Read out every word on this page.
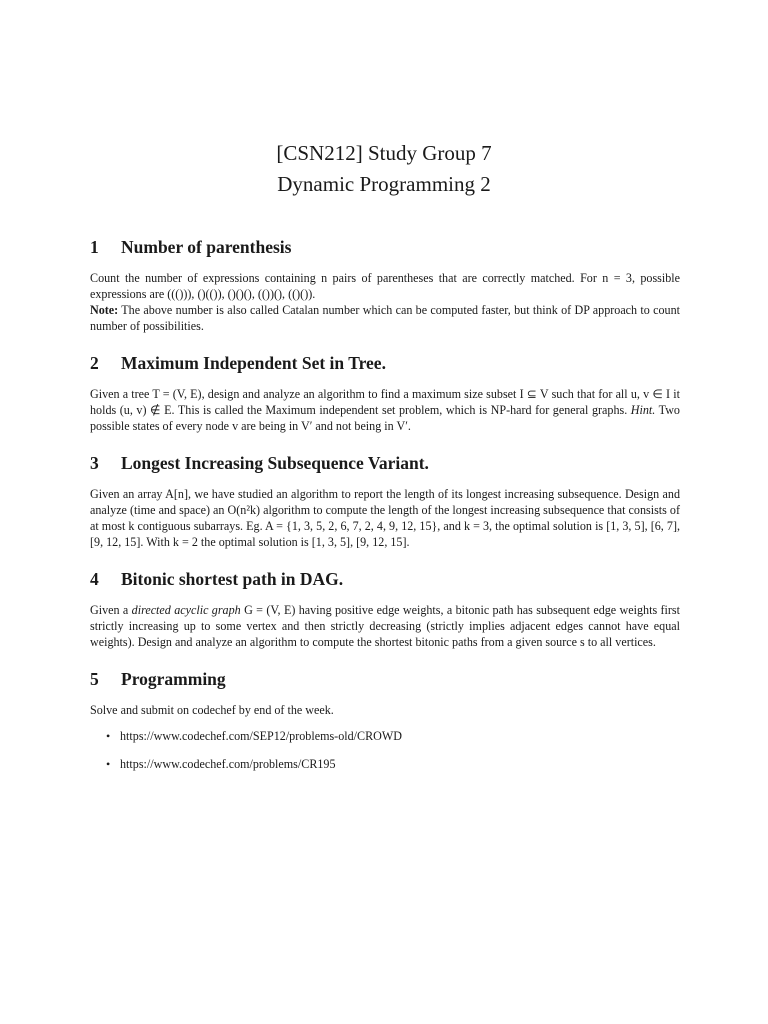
[CSN212] Study Group 7
Dynamic Programming 2
1	Number of parenthesis
Count the number of expressions containing n pairs of parentheses that are correctly matched. For n = 3, possible expressions are ((())), ()(()), ()()(), (())(), (()()).
Note: The above number is also called Catalan number which can be computed faster, but think of DP approach to count number of possibilities.
2	Maximum Independent Set in Tree.
Given a tree T = (V, E), design and analyze an algorithm to find a maximum size subset I ⊆ V such that for all u, v ∈ I it holds (u, v) ∉ E. This is called the Maximum independent set problem, which is NP-hard for general graphs. Hint. Two possible states of every node v are being in V′ and not being in V′.
3	Longest Increasing Subsequence Variant.
Given an array A[n], we have studied an algorithm to report the length of its longest increasing subsequence. Design and analyze (time and space) an O(n²k) algorithm to compute the length of the longest increasing subsequence that consists of at most k contiguous subarrays. Eg. A = {1, 3, 5, 2, 6, 7, 2, 4, 9, 12, 15}, and k = 3, the optimal solution is [1, 3, 5], [6, 7], [9, 12, 15]. With k = 2 the optimal solution is [1, 3, 5], [9, 12, 15].
4	Bitonic shortest path in DAG.
Given a directed acyclic graph G = (V, E) having positive edge weights, a bitonic path has subsequent edge weights first strictly increasing up to some vertex and then strictly decreasing (strictly implies adjacent edges cannot have equal weights). Design and analyze an algorithm to compute the shortest bitonic paths from a given source s to all vertices.
5	Programming
Solve and submit on codechef by end of the week.
• https://www.codechef.com/SEP12/problems-old/CROWD
• https://www.codechef.com/problems/CR195
